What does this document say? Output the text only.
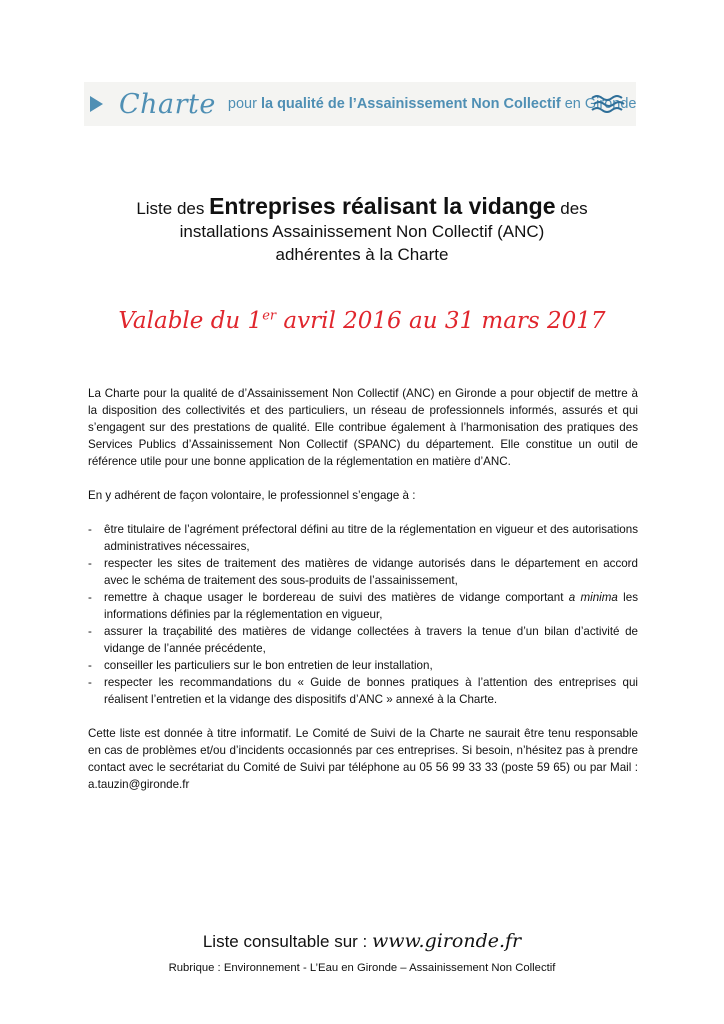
Charte pour la qualité de l’Assainissement Non Collectif en Gironde
Liste des Entreprises réalisant la vidange des
installations Assainissement Non Collectif (ANC)
adhérentes à la Charte
Valable du 1er avril 2016 au 31 mars 2017

La Charte pour la qualité de d’Assainissement Non Collectif (ANC) en Gironde a pour objectif de mettre à la disposition des collectivités et des particuliers, un réseau de professionnels informés, assurés et qui s’engagent sur des prestations de qualité. Elle contribue également à l’harmonisation des pratiques des Services Publics d’Assainissement Non Collectif (SPANC) du département. Elle constitue un outil de référence utile pour une bonne application de la réglementation en matière d’ANC.

En y adhérent de façon volontaire, le professionnel s’engage à :

- être titulaire de l’agrément préfectoral défini au titre de la réglementation en vigueur et des autorisations administratives nécessaires,
- respecter les sites de traitement des matières de vidange autorisés dans le département en accord avec le schéma de traitement des sous-produits de l’assainissement,
- remettre à chaque usager le bordereau de suivi des matières de vidange comportant a minima les informations définies par la réglementation en vigueur,
- assurer la traçabilité des matières de vidange collectées à travers la tenue d’un bilan d’activité de vidange de l’année précédente,
- conseiller les particuliers sur le bon entretien de leur installation,
- respecter les recommandations du « Guide de bonnes pratiques à l’attention des entreprises qui réalisent l’entretien et la vidange des dispositifs d’ANC » annexé à la Charte.

Cette liste est donnée à titre informatif. Le Comité de Suivi de la Charte ne saurait être tenu responsable en cas de problèmes et/ou d’incidents occasionnés par ces entreprises. Si besoin, n’hésitez pas à prendre contact avec le secrétariat du Comité de Suivi par téléphone au 05 56 99 33 33 (poste 59 65) ou par Mail : a.tauzin@gironde.fr

Liste consultable sur : www.gironde.fr
Rubrique : Environnement - L’Eau en Gironde – Assainissement Non Collectif
